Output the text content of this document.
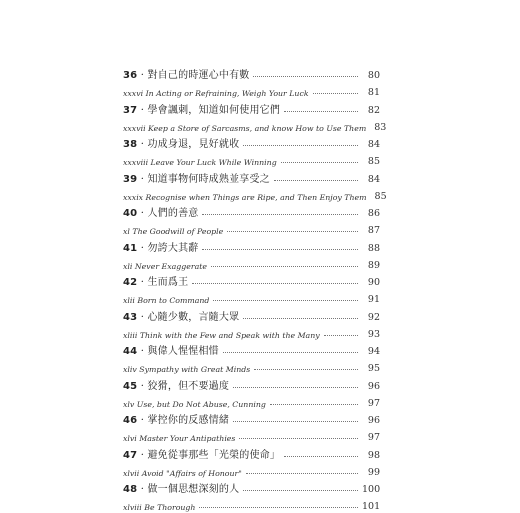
36 · 對自己的時運心中有數	80
xxxvi In Acting or Refraining, Weigh Your Luck	81
37 · 學會諷刺，知道如何使用它們	82
xxxvii Keep a Store of Sarcasms, and know How to Use Them 83
38 · 功成身退，見好就收	84
xxxviii Leave Your Luck While Winning	85
39 · 知道事物何時成熟並享受之	84
xxxix Recognise when Things are Ripe, and Then Enjoy Them 85
40 · 人們的善意	86
xl The Goodwill of People	87
41 · 勿誇大其辭	88
xli Never Exaggerate	89
42 · 生而爲王	90
xlii Born to Command	91
43 · 心隨少數，言隨大眾	92
xliii Think with the Few and Speak with the Many	93
44 · 與偉人惺惺相惜	94
xliv Sympathy with Great Minds	95
45 · 狡猾，但不要過度	96
xlv Use, but Do Not Abuse, Cunning	97
46 · 掌控你的反感情緒	96
xlvi Master Your Antipathies	97
47 · 避免從事那些「光榮的使命」	98
xlvii Avoid "Affairs of Honour"	99
48 · 做一個思想深刻的人	100
xlviii Be Thorough	101
